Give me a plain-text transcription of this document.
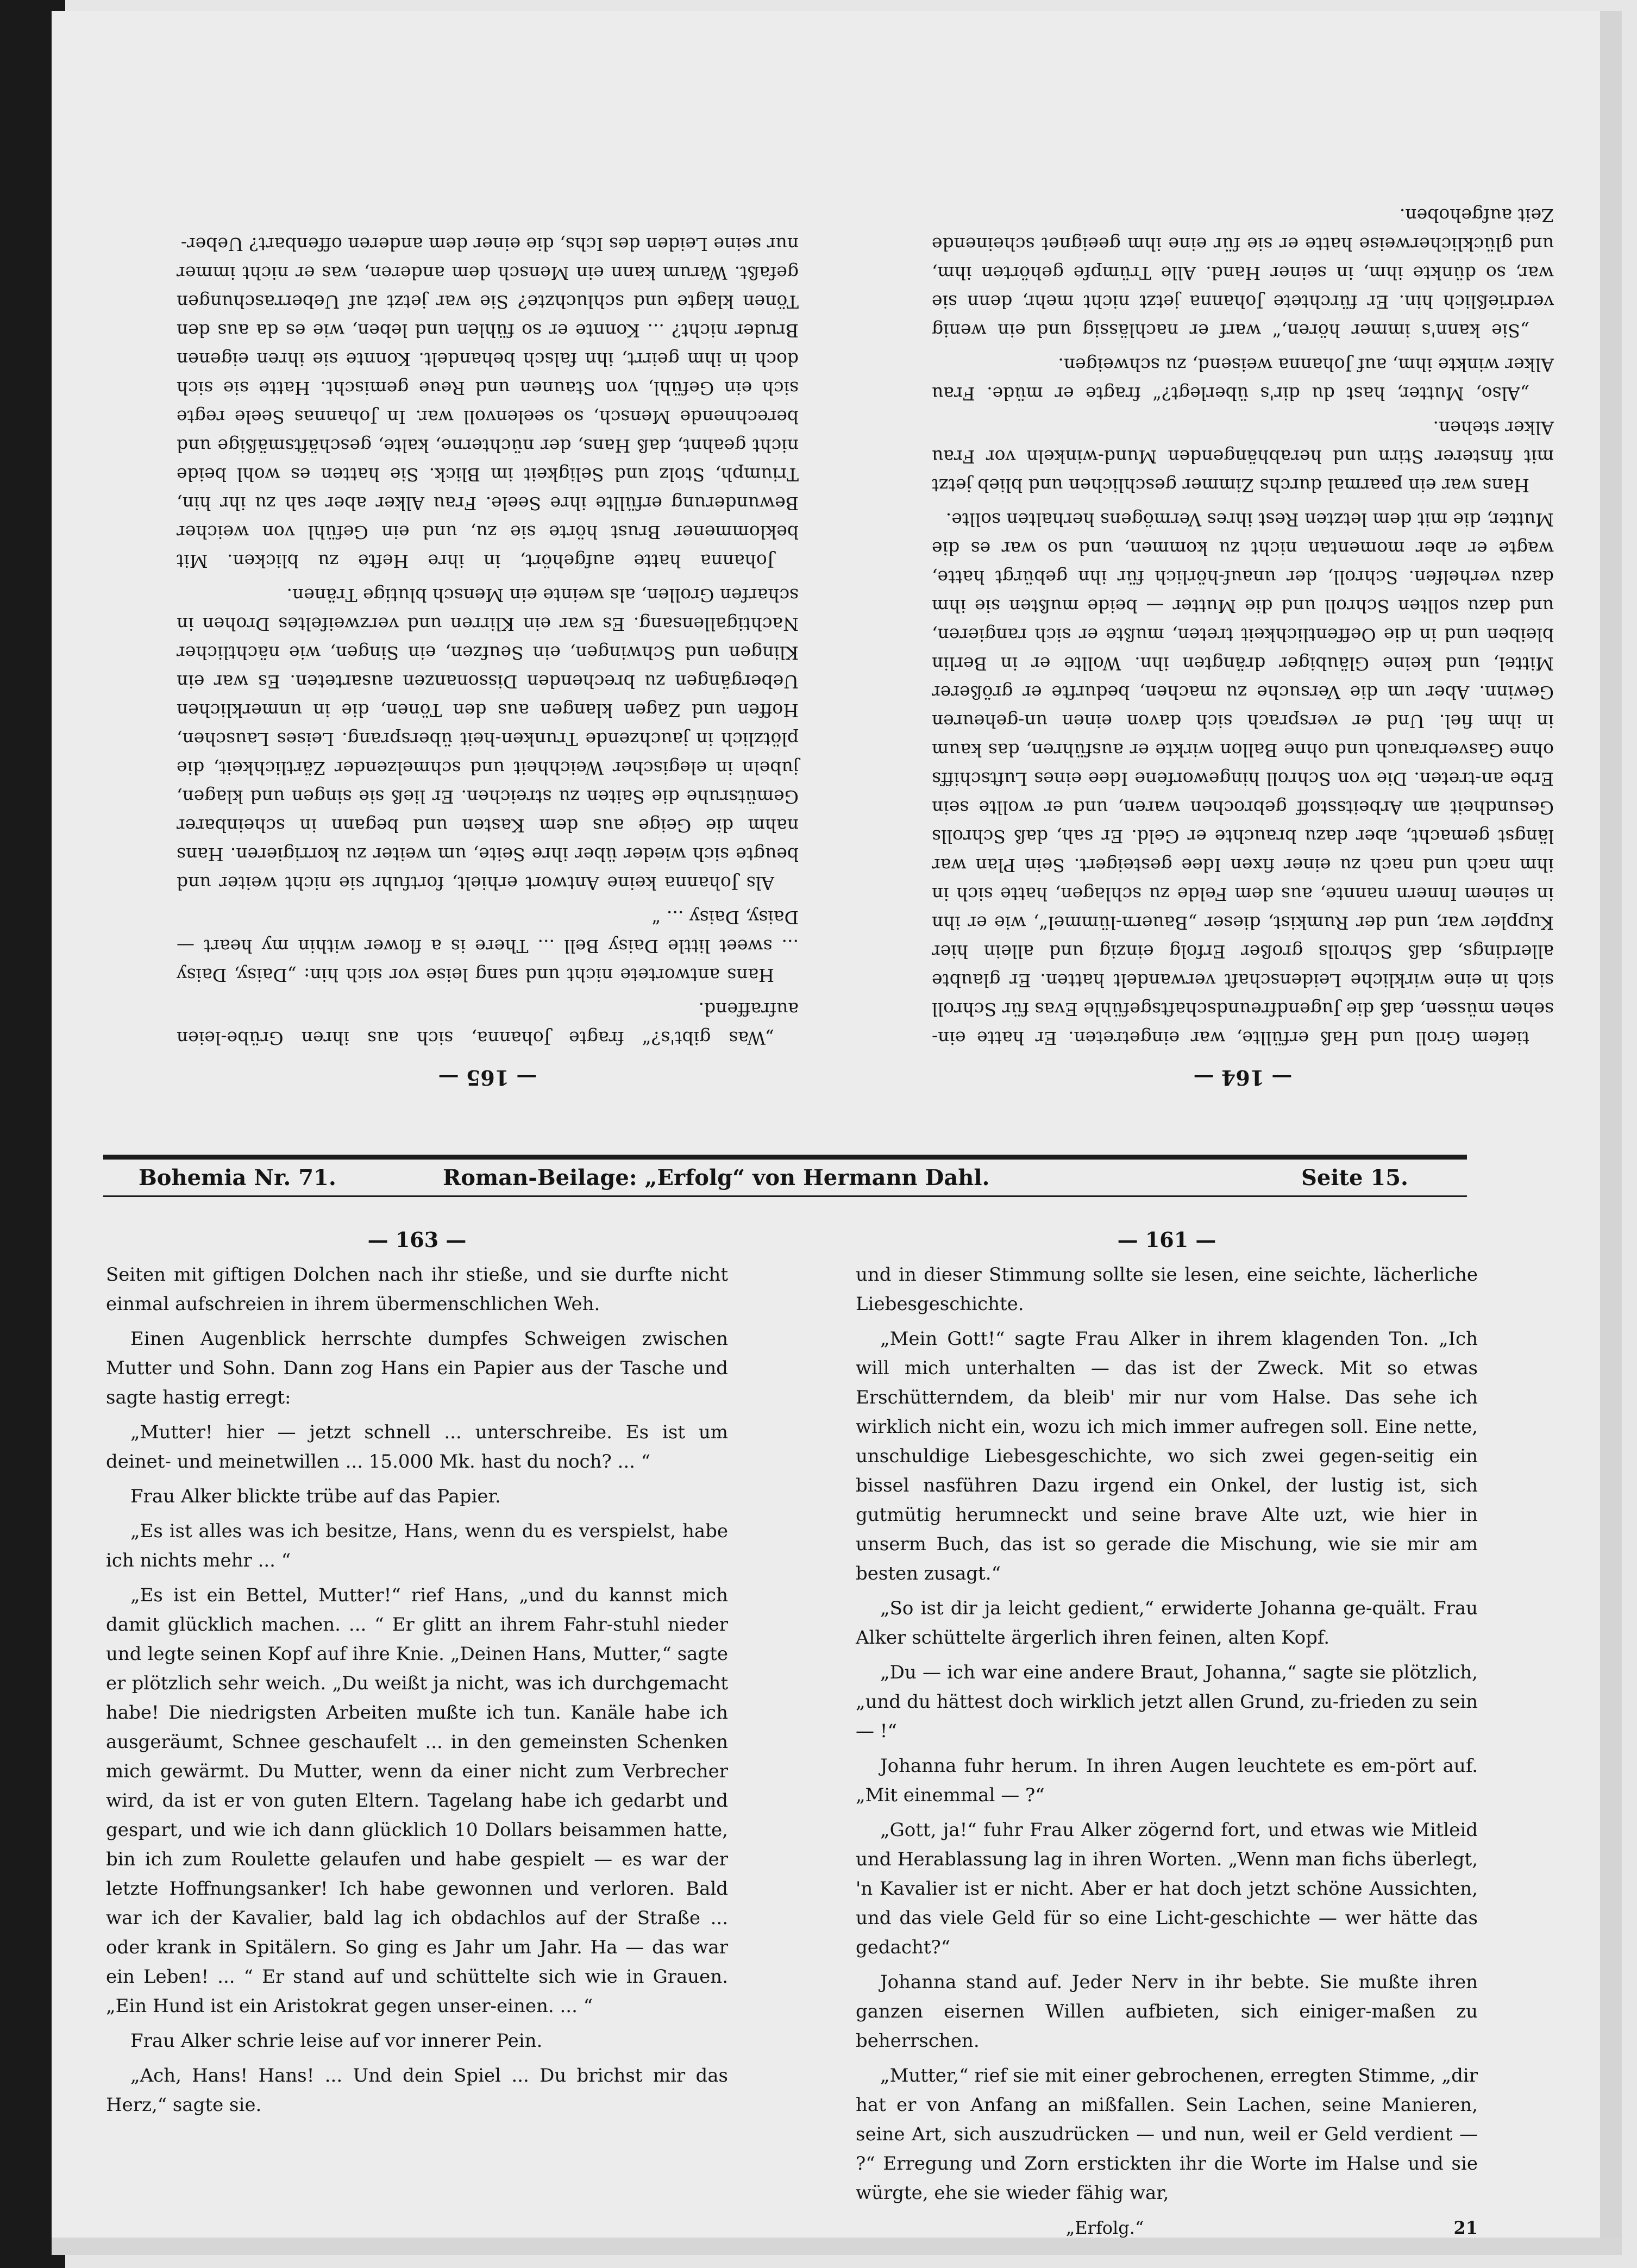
— 164 —

tiefem Groll und Haß erfüllte, war eingetreten. Er hatte ein-sehen müssen, daß die Jugendfreundschaftsgefühle Evas für Schroll sich in eine wirkliche Leidenschaft verwandelt hatten. Er glaubte allerdings, daß Schrolls großer Erfolg einzig und allein hier Kuppler war, und der Rumkist, dieser „Bauern-lümmel“, wie er ihn in seinem Innern nannte, aus dem Felde zu schlagen, hatte sich in ihm nach und nach zu einer fixen Idee gesteigert. Sein Plan war längst gemacht, aber dazu brauchte er Geld. Er sah, daß Schrolls Gesundheit am Arbeitsstoff gebrochen waren, und er wollte sein Erbe an-treten. Die von Schroll hingeworfene Idee eines Luftschiffs ohne Gasverbrauch und ohne Ballon wirkte er ausführen, das kaum in ihm fiel. Und er versprach sich davon einen un-geheuren Gewinn. Aber um die Versuche zu machen, bedurfte er größerer Mittel, und keine Gläubiger drängten ihn. Wollte er in Berlin bleiben und in die Oeffentlichkeit treten, mußte er sich rangieren, und dazu sollten Schroll und die Mutter — beide mußten sie ihm dazu verhelfen. Schroll, der unauf-hörlich für ihn gebürgt hatte, wagte er aber momentan nicht zu kommen, und so war es die Mutter, die mit dem letzten Rest ihres Vermögens herhalten sollte.

Hans war ein paarmal durchs Zimmer geschlichen und blieb jetzt mit finsterer Stirn und herabhängenden Mund-winkeln vor Frau Alker stehen.

„Also, Mutter, hast du dir's überlegt?“ fragte er müde. Frau Alker winkte ihm, auf Johanna weisend, zu schweigen.

„Sie kann's immer hören,“ warf er nachlässig und ein wenig verdrießlich hin. Er fürchtete Johanna jetzt nicht mehr, denn sie war, so dünkte ihm, in seiner Hand. Alle Trümpfe gehörten ihm, und glücklicherweise hatte er sie für eine ihm geeignet scheinende Zeit aufgehoben.

— 165 —

„Was gibt's?“ fragte Johanna, sich aus ihren Grübe-leien aufraffend.

Hans antwortete nicht und sang leise vor sich hin: „Daisy, Daisy ... sweet little Daisy Bell ... There is a flower within my heart — Daisy, Daisy ... “

Als Johanna keine Antwort erhielt, fortfuhr sie nicht weiter und beugte sich wieder über ihre Seite, um weiter zu korrigieren. Hans nahm die Geige aus dem Kasten und begann in scheinbarer Gemütsruhe die Saiten zu streichen. Er ließ sie singen und klagen, jubeln in elegischer Weichheit und schmelzender Zärtlichkeit, die plötzlich in jauchzende Trunken-heit übersprang. Leises Lauschen, Hoffen und Zagen klangen aus den Tönen, die in unmerklichen Uebergängen zu brechenden Dissonanzen ausarteten. Es war ein Klingen und Schwingen, ein Seufzen, ein Singen, wie nächtlicher Nachtigallensang. Es war ein Klirren und verzweifeltes Drohen in scharfen Grollen, als weinte ein Mensch blutige Tränen.

Johanna hatte aufgehört, in ihre Hefte zu blicken. Mit beklommener Brust hörte sie zu, und ein Gefühl von weicher Bewunderung erfüllte ihre Seele. Frau Alker aber sah zu ihr hin, Triumph, Stolz und Seligkeit im Blick. Sie hatten es wohl beide nicht geahnt, daß Hans, der nüchterne, kalte, geschäftsmäßige und berechnende Mensch, so seelenvoll war. In Johannas Seele regte sich ein Gefühl, von Staunen und Reue gemischt. Hatte sie sich doch in ihm geirrt, ihn falsch behandelt. Konnte sie ihren eigenen Bruder nicht? ... Konnte er so fühlen und leben, wie es da aus den Tönen klagte und schluchzte? Sie war jetzt auf Ueberraschungen gefaßt. Warum kann ein Mensch dem anderen, was er nicht immer nur seine Leiden des Ichs, die einer dem anderen offenbart? Ueber-

Bohemia Nr. 71.	Roman-Beilage: „Erfolg“ von Hermann Dahl.	Seite 15.

— 163 —

Seiten mit giftigen Dolchen nach ihr stieße, und sie durfte nicht einmal aufschreien in ihrem übermenschlichen Weh.

Einen Augenblick herrschte dumpfes Schweigen zwischen Mutter und Sohn. Dann zog Hans ein Papier aus der Tasche und sagte hastig erregt:

„Mutter! hier — jetzt schnell ... unterschreibe. Es ist um deinet- und meinetwillen ... 15.000 Mk. hast du noch? ... “

Frau Alker blickte trübe auf das Papier.

„Es ist alles was ich besitze, Hans, wenn du es verspielst, habe ich nichts mehr ... “

„Es ist ein Bettel, Mutter!“ rief Hans, „und du kannst mich damit glücklich machen. ... “ Er glitt an ihrem Fahr-stuhl nieder und legte seinen Kopf auf ihre Knie. „Deinen Hans, Mutter,“ sagte er plötzlich sehr weich. „Du weißt ja nicht, was ich durchgemacht habe! Die niedrigsten Arbeiten mußte ich tun. Kanäle habe ich ausgeräumt, Schnee geschaufelt ... in den gemeinsten Schenken mich gewärmt. Du Mutter, wenn da einer nicht zum Verbrecher wird, da ist er von guten Eltern. Tagelang habe ich gedarbt und gespart, und wie ich dann glücklich 10 Dollars beisammen hatte, bin ich zum Roulette gelaufen und habe gespielt — es war der letzte Hoffnungsanker! Ich habe gewonnen und verloren. Bald war ich der Kavalier, bald lag ich obdachlos auf der Straße ... oder krank in Spitälern. So ging es Jahr um Jahr. Ha — das war ein Leben! ... “ Er stand auf und schüttelte sich wie in Grauen. „Ein Hund ist ein Aristokrat gegen unser-einen. ... “

Frau Alker schrie leise auf vor innerer Pein.

„Ach, Hans! Hans! ... Und dein Spiel ... Du brichst mir das Herz,“ sagte sie.

— 161 —

und in dieser Stimmung sollte sie lesen, eine seichte, lächerliche Liebesgeschichte.

„Mein Gott!“ sagte Frau Alker in ihrem klagenden Ton. „Ich will mich unterhalten — das ist der Zweck. Mit so etwas Erschütterndem, da bleib' mir nur vom Halse. Das sehe ich wirklich nicht ein, wozu ich mich immer aufregen soll. Eine nette, unschuldige Liebesgeschichte, wo sich zwei gegen-seitig ein bissel nasführen Dazu irgend ein Onkel, der lustig ist, sich gutmütig herumneckt und seine brave Alte uzt, wie hier in unserm Buch, das ist so gerade die Mischung, wie sie mir am besten zusagt.“

„So ist dir ja leicht gedient,“ erwiderte Johanna ge-quält. Frau Alker schüttelte ärgerlich ihren feinen, alten Kopf.

„Du — ich war eine andere Braut, Johanna,“ sagte sie plötzlich, „und du hättest doch wirklich jetzt allen Grund, zu-frieden zu sein — !“

Johanna fuhr herum. In ihren Augen leuchtete es em-pört auf. „Mit einemmal — ?“

„Gott, ja!“ fuhr Frau Alker zögernd fort, und etwas wie Mitleid und Herablassung lag in ihren Worten. „Wenn man fichs überlegt, 'n Kavalier ist er nicht. Aber er hat doch jetzt schöne Aussichten, und das viele Geld für so eine Licht-geschichte — wer hätte das gedacht?“

Johanna stand auf. Jeder Nerv in ihr bebte. Sie mußte ihren ganzen eisernen Willen aufbieten, sich einiger-maßen zu beherrschen.

„Mutter,“ rief sie mit einer gebrochenen, erregten Stimme, „dir hat er von Anfang an mißfallen. Sein Lachen, seine Manieren, seine Art, sich auszudrücken — und nun, weil er Geld verdient — ?“ Erregung und Zorn erstickten ihr die Worte im Halse und sie würgte, ehe sie wieder fähig war,

„Erfolg.“	21
